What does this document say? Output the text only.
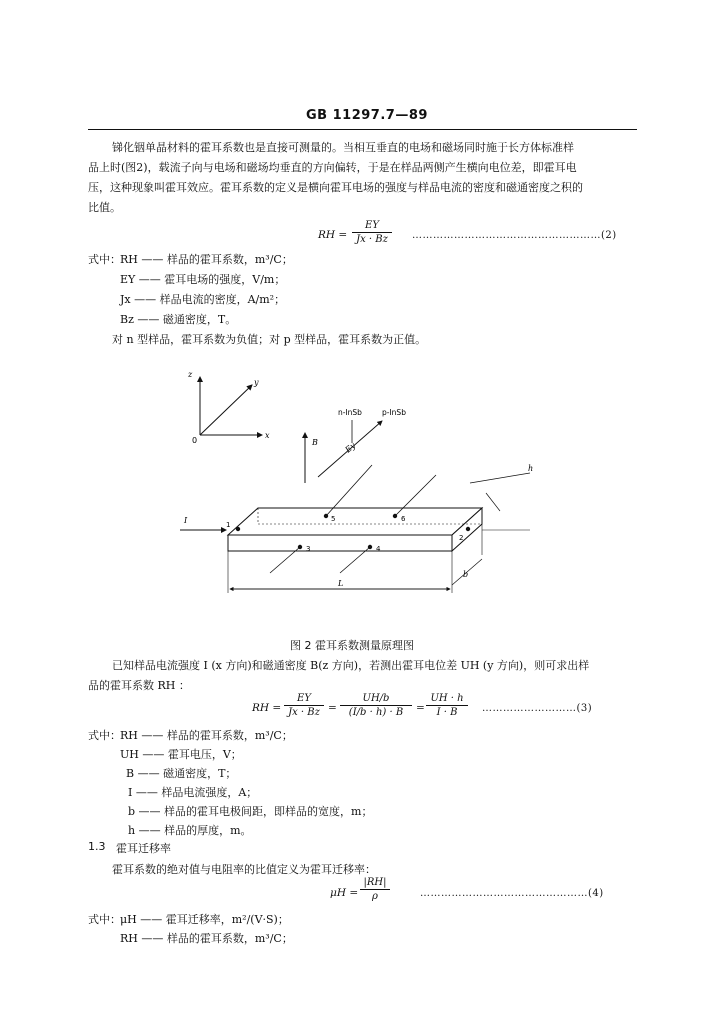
GB 11297.7—89
锑化铟单晶材料的霍耳系数也是直接可测量的。当相互垂直的电场和磁场同时施于长方体标准样
品上时(图2)，载流子向与电场和磁场均垂直的方向偏转，于是在样品两侧产生横向电位差，即霍耳电
压，这种现象叫霍耳效应。霍耳系数的定义是横向霍耳电场的强度与样品电流的密度和磁通密度之积的
比值。
RH =
EY
Jx · Bz	………………………………………………(2)
式中： RH —— 样品的霍耳系数，m³/C；
EY —— 霍耳电场的强度，V/m；
Jx —— 样品电流的密度，A/m²；
Bz —— 磁通密度，T。
对 n 型样品，霍耳系数为负值；对 p 型样品，霍耳系数为正值。
z
y
x
0
n-InSb	p-InSb
Ey
B
I	1
2
3	4
5	6
h
b
L
图 2 霍耳系数测量原理图
已知样品电流强度 I (x 方向)和磁通密度 B(z 方向)，若测出霍耳电位差 UH (y 方向)，则可求出样
品的霍耳系数 RH ：
RH =
EY
Jx · Bz =
UH/b
(I/b · h) · B	=
UH · h
I · B	………………………(3)
式中： RH —— 样品的霍耳系数，m³/C；
UH —— 霍耳电压，V；
B —— 磁通密度，T；
I —— 样品电流强度，A；
b —— 样品的霍耳电极间距，即样品的宽度，m；
h —— 样品的厚度，m。
1.3 霍耳迁移率
霍耳系数的绝对值与电阻率的比值定义为霍耳迁移率：
μH =
|RH|
ρ	…………………………………………(4)
式中： μH —— 霍耳迁移率，m²/(V·S)；
RH —— 样品的霍耳系数，m³/C；
